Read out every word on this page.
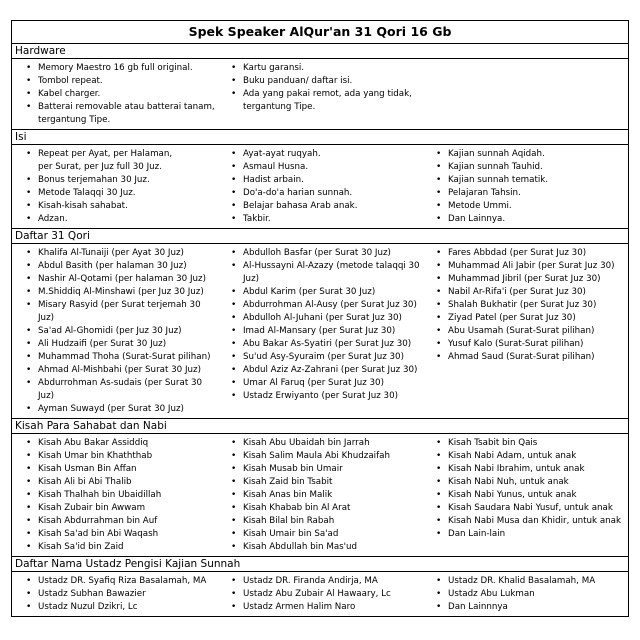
Spek Speaker AlQur'an 31 Qori 16 Gb
Hardware
• Memory Maestro 16 gb full original.
• Tombol repeat.
• Kabel charger.
• Batterai removable atau batterai tanam,
tergantung Tipe.
• Kartu garansi.
• Buku panduan/ daftar isi.
• Ada yang pakai remot, ada yang tidak,
tergantung Tipe.
Isi
• Repeat per Ayat, per Halaman,
per Surat, per Juz full 30 Juz.
• Bonus terjemahan 30 Juz.
• Metode Talaqqi 30 Juz.
• Kisah-kisah sahabat.
• Adzan.
• Ayat-ayat ruqyah.
• Asmaul Husna.
• Hadist arbain.
• Do'a-do'a harian sunnah.
• Belajar bahasa Arab anak.
• Takbir.
• Kajian sunnah Aqidah.
• Kajian sunnah Tauhid.
• Kajian sunnah tematik.
• Pelajaran Tahsin.
• Metode Ummi.
• Dan Lainnya.
Daftar 31 Qori
• Khalifa Al-Tunaiji (per Ayat 30 Juz)
• Abdul Basith (per halaman 30 Juz)
• Nashir Al-Qotami (per halaman 30 Juz)
• M.Shiddiq Al-Minshawi (per Juz 30 Juz)
• Misary Rasyid (per Surat terjemah 30 Juz)
• Sa'ad Al-Ghomidi (per Juz 30 Juz)
• Ali Hudzaifi (per Surat 30 Juz)
• Muhammad Thoha (Surat-Surat pilihan)
• Ahmad Al-Mishbahi (per Surat 30 Juz)
• Abdurrohman As-sudais (per Surat 30 Juz)
• Ayman Suwayd (per Surat 30 Juz)
• Abdulloh Basfar (per Surat 30 Juz)
• Al-Hussayni Al-Azazy (metode talaqqi 30 Juz)
• Abdul Karim (per Surat 30 Juz)
• Abdurrohman Al-Ausy (per Surat Juz 30)
• Abdulloh Al-Juhani (per Surat Juz 30)
• Imad Al-Mansary (per Surat Juz 30)
• Abu Bakar As-Syatiri (per Surat Juz 30)
• Su'ud Asy-Syuraim (per Surat Juz 30)
• Abdul Aziz Az-Zahrani (per Surat Juz 30)
• Umar Al Faruq (per Surat Juz 30)
• Ustadz Erwiyanto (per Surat Juz 30)
• Fares Abbdad (per Surat Juz 30)
• Muhammad Ali Jabir (per Surat Juz 30)
• Muhammad Jibril (per Surat Juz 30)
• Nabil Ar-Rifa'i (per Surat Juz 30)
• Shalah Bukhatir (per Surat Juz 30)
• Ziyad Patel (per Surat Juz 30)
• Abu Usamah (Surat-Surat pilihan)
• Yusuf Kalo (Surat-Surat pilihan)
• Ahmad Saud (Surat-Surat pilihan)
Kisah Para Sahabat dan Nabi
• Kisah Abu Bakar Assiddiq
• Kisah Umar bin Khaththab
• Kisah Usman Bin Affan
• Kisah Ali bi Abi Thalib
• Kisah Thalhah bin Ubaidillah
• Kisah Zubair bin Awwam
• Kisah Abdurrahman bin Auf
• Kisah Sa'ad bin Abi Waqash
• Kisah Sa'id bin Zaid
• Kisah Abu Ubaidah bin Jarrah
• Kisah Salim Maula Abi Khudzaifah
• Kisah Musab bin Umair
• Kisah Zaid bin Tsabit
• Kisah Anas bin Malik
• Kisah Khabab bin Al Arat
• Kisah Bilal bin Rabah
• Kisah Umair bin Sa'ad
• Kisah Abdullah bin Mas'ud
• Kisah Tsabit bin Qais
• Kisah Nabi Adam, untuk anak
• Kisah Nabi Ibrahim, untuk anak
• Kisah Nabi Nuh, untuk anak
• Kisah Nabi Yunus, untuk anak
• Kisah Saudara Nabi Yusuf, untuk anak
• Kisah Nabi Musa dan Khidir, untuk anak
• Dan Lain-lain
Daftar Nama Ustadz Pengisi Kajian Sunnah
• Ustadz DR. Syafiq Riza Basalamah, MA
• Ustadz Subhan Bawazier
• Ustadz Nuzul Dzikri, Lc
• Ustadz DR. Firanda Andirja, MA
• Ustadz Abu Zubair Al Hawaary, Lc
• Ustadz Armen Halim Naro
• Ustadz DR. Khalid Basalamah, MA
• Ustadz Abu Lukman
• Dan Lainnnya
